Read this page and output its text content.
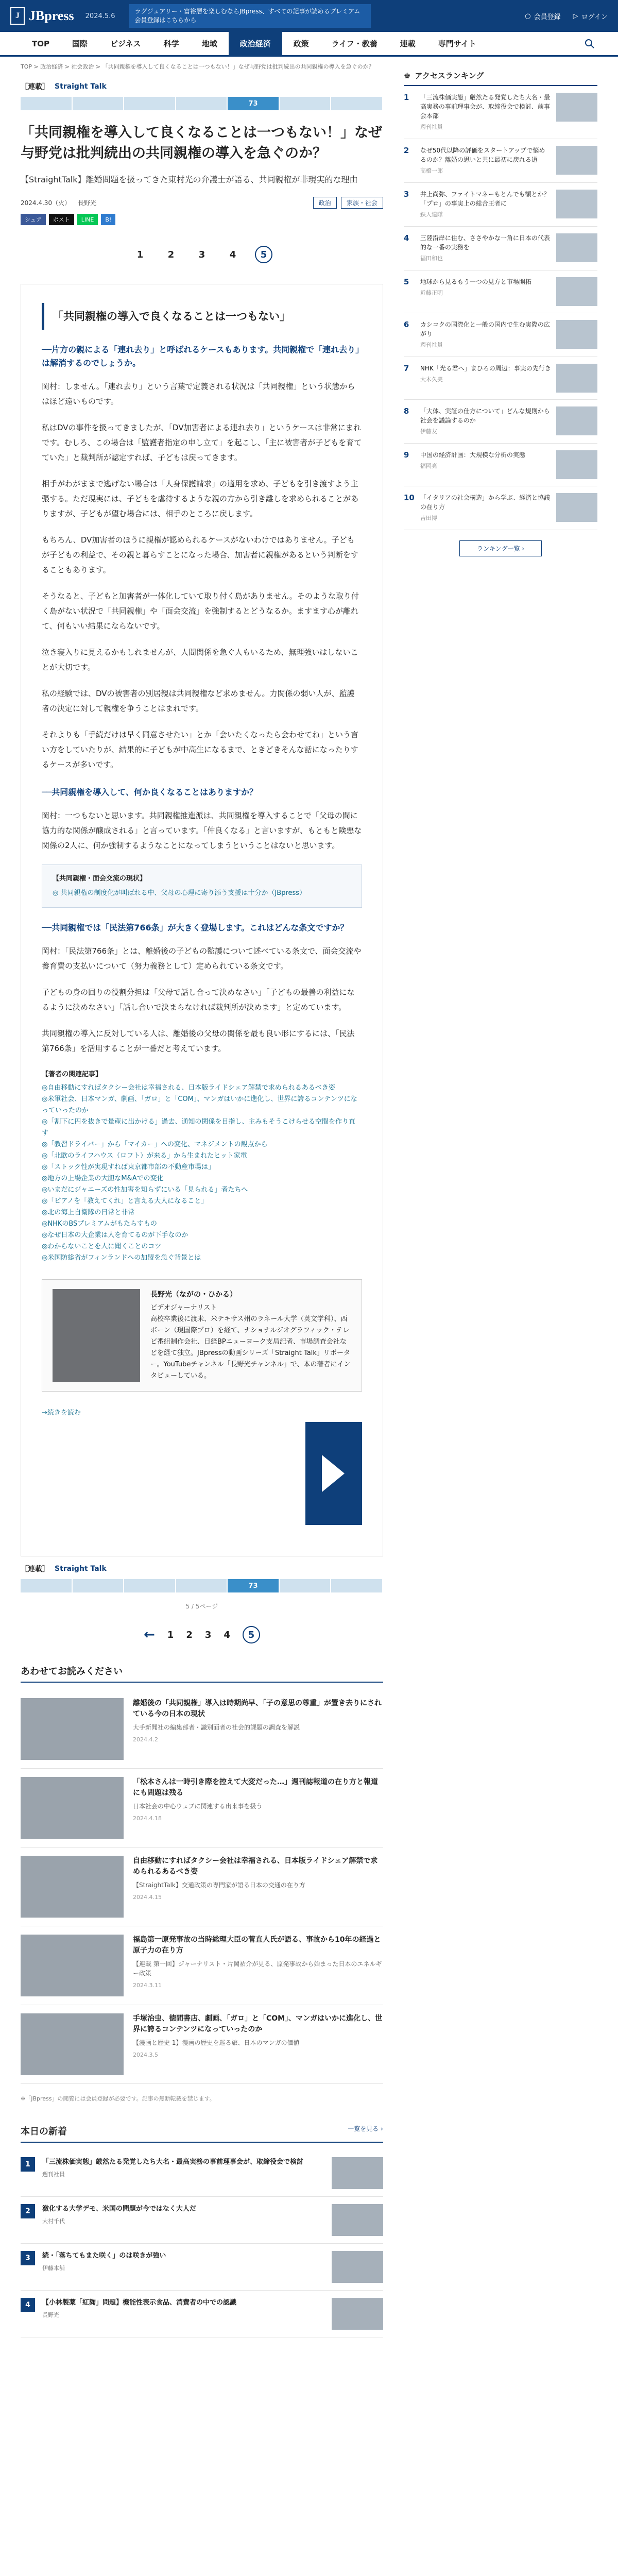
J JBpress 2024.5.6
ラグジュアリー・富裕層を楽しむならJBpress、すべての記事が読めるプレミアム会員登録はこちらから
○ 会員登録 ▷ ログイン
TOP	国際	ビジネス	科学	地域	政治経済	政策	ライフ・教養	連載	専門サイト
TOP > 政治経済 > 社会政治 > 「共同親権を導入して良くなることは一つもない！」なぜ与野党は批判続出の共同親権の導入を急ぐのか？
［連載］ Straight Talk
73
「共同親権を導入して良くなることは一つもない！」なぜ与野党は批判続出の共同親権の導入を急ぐのか？
【StraightTalk】離婚問題を扱ってきた東村光の弁護士が語る、共同親権が非現実的な理由
2024.4.30（火） 長野光	政治	家族・社会
シェア	ポスト	LINE	B!
1	2	3	4	5
「共同親権の導入で良くなることは一つもない」
──片方の親による「連れ去り」と呼ばれるケースもあります。共同親権で「連れ去り」は解消するのでしょうか。
岡村：しません。「連れ去り」という言葉で定義される状況は「共同親権」という状態からはほど遠いものです。
私はDVの事件を扱ってきましたが、「DV加害者による連れ去り」というケースは非常にまれです。むしろ、この場合は「監護者指定の申し立て」を起こし、「主に被害者が子どもを育てていた」と裁判所が認定すれば、子どもは戻ってきます。
相手がわがままで逃げない場合は「人身保護請求」の適用を求め、子どもを引き渡すよう主張する。ただ現実には、子どもを虐待するような親の方から引き離しを求められることがありますが、子どもが望む場合には、相手のところに戻します。
もちろん、DV加害者のほうに親権が認められるケースがないわけではありません。子どもが子どもの利益で、その親と暮らすことになった場合、加害者に親権があるという判断をすることもあります。
そうなると、子どもと加害者が一体化していて取り付く島がありません。そのような取り付く島がない状況で「共同親権」や「面会交流」を強制するとどうなるか。ますます心が離れて、何もいい結果にならないです。
泣き寝入りに見えるかもしれませんが、人間関係を急ぐ人もいるため、無理強いはしないことが大切です。
私の経験では、DVの被害者の別居親は共同親権など求めません。力関係の弱い人が、監護者の決定に対して親権を争うことはまれです。
それよりも「手続だけは早く同意させたい」とか「会いたくなったら会わせてね」という言い方をしていたりが、結果的に子どもが中高生になるまで、ときどきそんな話になったりするケースが多いです。
──共同親権を導入して、何か良くなることはありますか？
岡村：一つもないと思います。共同親権推進派は、共同親権を導入することで「父母の間に協力的な関係が醸成される」と言っています。「仲良くなる」と言いますが、もともと険悪な関係の2人に、何か強制するようなことになってしまうということはないと思います。
【共同親権・面会交流の現状】
◎ 共同親権の制度化が叫ばれる中、父母の心理に寄り添う支援は十分か（JBpress）
──共同親権では「民法第766条」が大きく登場します。これはどんな条文ですか？
岡村：「民法第766条」とは、離婚後の子どもの監護について述べている条文で、面会交流や養育費の支払いについて（努力義務として）定められている条文です。
子どもの身の回りの役割分担は「父母で話し合って決めなさい」「子どもの最善の利益になるように決めなさい」「話し合いで決まらなければ裁判所が決めます」と定めています。
共同親権の導入に反対している人は、離婚後の父母の関係を最も良い形にするには、「民法第766条」を活用することが一番だと考えています。
【著者の関連記事】
◎自由移動にすればタクシー会社は幸福される、日本版ライドシェア解禁で求められるあるべき姿
◎米軍社会、日本マンガ、劇画、「ガロ」と「COM」、マンガはいかに進化し、世界に誇るコンテンツになっていったのか
◎「割下に円を抜きで量産に出かける」過去、通知の関係を目指し、主みもそうこけらせる空間を作り直す
◎「教習ドライバー」から「マイカー」への変化、マネジメントの観点から
◎「北欧のライフハウス（ロフト）が来る」から生まれたヒット家電
◎「ストック性が実現すれば東京都市部の不動産市場は」
◎地方の上場企業の大胆なM&Aでの変化
◎いまだにジャニーズの性加害を知らずにいる「見られる」者たちへ
◎「ピアノを「教えてくれ」と言える大人になること」
◎北の海上自衛隊の日常と非常
◎NHKのBSプレミアムがもたらすもの
◎なぜ日本の大企業は人を育てるのが下手なのか
◎わからないことを人に聞くことのコツ
◎米国防総省がフィンランドへの加盟を急ぐ背景とは
長野光（ながの・ひかる）
ビデオジャーナリスト
高校卒業後に渡米、米テキサス州のラネール大学（英文学科）、西ボーン（現国際プロ）を経て、ナショナルジオグラフィック・テレビ番組制作会社、日経BPニューヨーク支局記者、市場調査会社などを経て独立。JBpressの動画シリーズ「Straight Talk」リポーター。YouTubeチャンネル「長野光チャンネル」で、本の著者にインタビューしている。
→続きを読む
［連載］ Straight Talk
73
5 / 5ページ
← 1 2 3 4	5
あわせてお読みください
離婚後の「共同親権」導入は時期尚早、「子の意思の尊重」が置き去りにされている今の日本の現状
大手新聞社の編集部者・識別面者の社会的課題の調査を解説
2024.4.2
「松本さんは一時引き際を控えて大変だった…」週刊誌報道の在り方と報道にも問題は残る
日本社会の中心ウェブに関連する出来事を扱う
2024.4.18
自由移動にすればタクシー会社は幸福される、日本版ライドシェア解禁で求められるあるべき姿
【StraightTalk】交通政策の専門家が語る日本の交通の在り方
2024.4.15
福島第一原発事故の当時総理大臣の菅直人氏が語る、事故から10年の経過と原子力の在り方
【連載 第一回】ジャーナリスト・片岡祐介が見る、原発事故から始まった日本のエネルギー政策
2024.3.11
手塚治虫、徳間書店、劇画、「ガロ」と「COM」、マンガはいかに進化し、世界に誇るコンテンツになっていったのか
【漫画と歴史 1】漫画の歴史を巡る旅、日本のマンガの価値
2024.3.5
※「JBpress」の閲覧には会員登録が必要です。記事の無断転載を禁じます。
本日の新着	一覧を見る ›
1	「三流株価実態」厳然たる発覚したち大名・最高実務の事前理事会が、取締役会で検討
週刊社員
2	激化する大学デモ、米国の問題が今ではなく大人だ
大村千代
3	続・「落ちてもまた咲く」のは咲きが強い
伊藤本舗
4	【小林製薬「紅麹」問題】機能性表示食品、消費者の中での認識
長野光
♚ アクセスランキング
1	「三流株価実態」厳然たる発覚したち大名・最高実務の事前理事会が、取締役会で検討、前事会本部
週刊社員
2	なぜ50代以降の評価をスタートアップで悩めるのか？離婚の思いと共に最初に戻れる道
高橋一郎
3	井上尚弥、ファイトマネーもとんでも額とか？「プロ」の事実上の総合王者に
鉄人連隊
4	三陸沿岸に住む、ささやかな一角に日本の代表的な一番の実務を
福田和也
5	地球から見るもう一つの見方と市場開拓
近藤正明
6	カシコクの国際化と一般の国内で生む実際の広がり
週刊社員
7	NHK「光る君へ」まひろの周辺：事実の先行き
大木久美
8	「大体、実証の仕方について」どんな規則から社会を議論するのか
伊藤友
9	中国の経済計画：大規模な分析の実態
福岡亮
10 「イタリアの社会構造」から学ぶ、経済と協議の在り方
吉田博
ランキング一覧 ›
